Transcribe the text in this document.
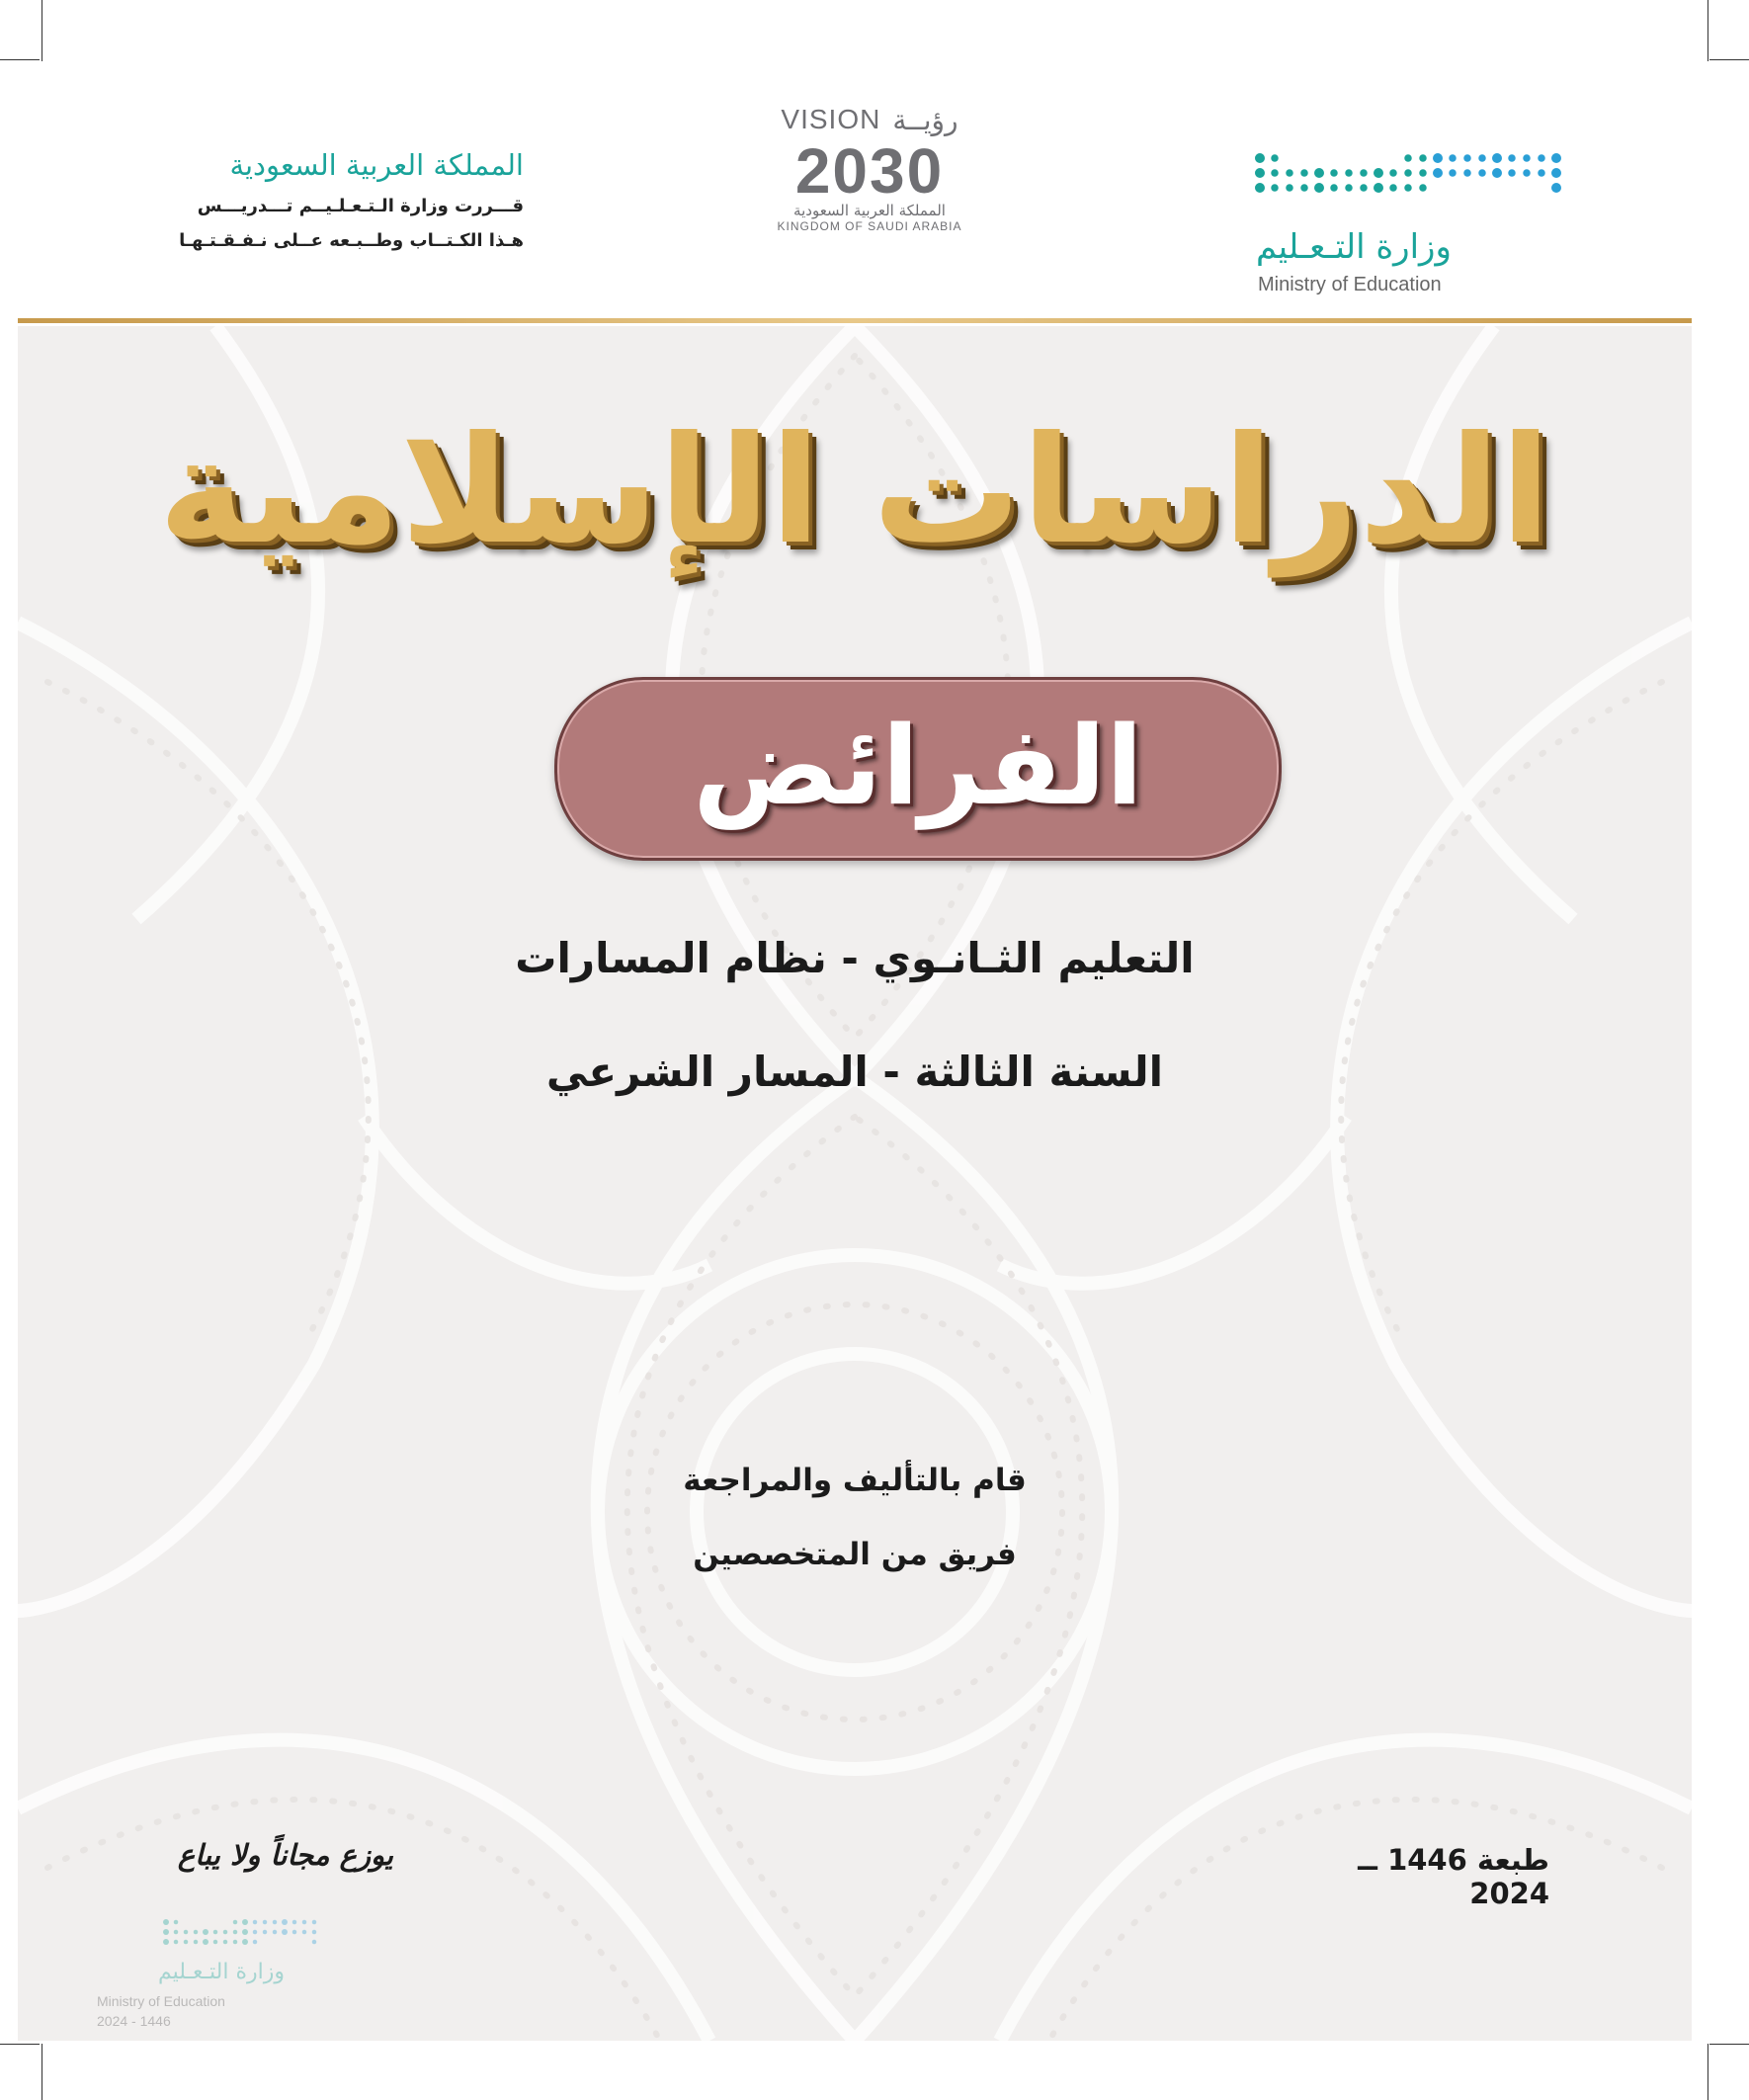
المملكة العربية السعودية
قـــررت وزارة الـتـعـلـيــم تـــدريـــس
هـذا الكـتــاب وطــبـعه عــلى نـفـقـتـهـا
VISION رؤيــة
2030
المملكة العربية السعودية
KINGDOM OF SAUDI ARABIA
وزارة التـعـليم
Ministry of Education
الدراسات الإسلامية
الفرائض
التعليم الثـانـوي - نظام المسارات
السنة الثالثة - المسار الشرعي
قام بالتأليف والمراجعة
فريق من المتخصصين
طبعة 1446 ــ 2024
يوزع مجاناً ولا يباع
وزارة التـعـليم
Ministry of Education
2024 - 1446
